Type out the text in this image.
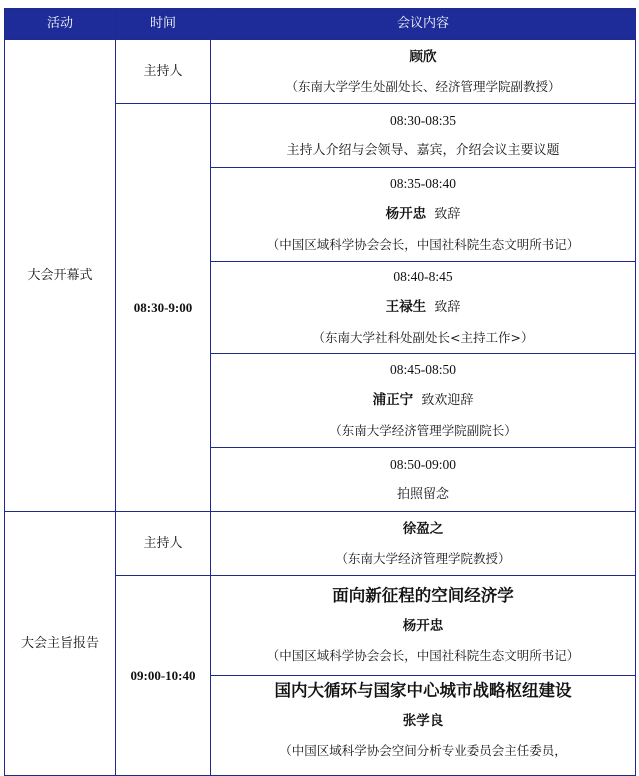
活动	时间	会议内容
大会开幕式	主持人	顾欣
（东南大学学生处副处长、经济管理学院副教授）

	08:30-9:00	08:30-08:35
主持人介绍与会领导、嘉宾，介绍会议主要议题

		08:35-08:40
杨开忠 致辞
（中国区域科学协会会长，中国社科院生态文明所书记）

		08:40-8:45
王禄生 致辞
（东南大学社科处副处长<主持工作>）

		08:45-08:50
浦正宁 致欢迎辞
（东南大学经济管理学院副院长）

		08:50-09:00
拍照留念

大会主旨报告	主持人	徐盈之
（东南大学经济管理学院教授）

	09:00-10:40	面向新征程的空间经济学
杨开忠
（中国区域科学协会会长，中国社科院生态文明所书记）

		国内大循环与国家中心城市战略枢纽建设
张学良
（中国区域科学协会空间分析专业委员会主任委员，
